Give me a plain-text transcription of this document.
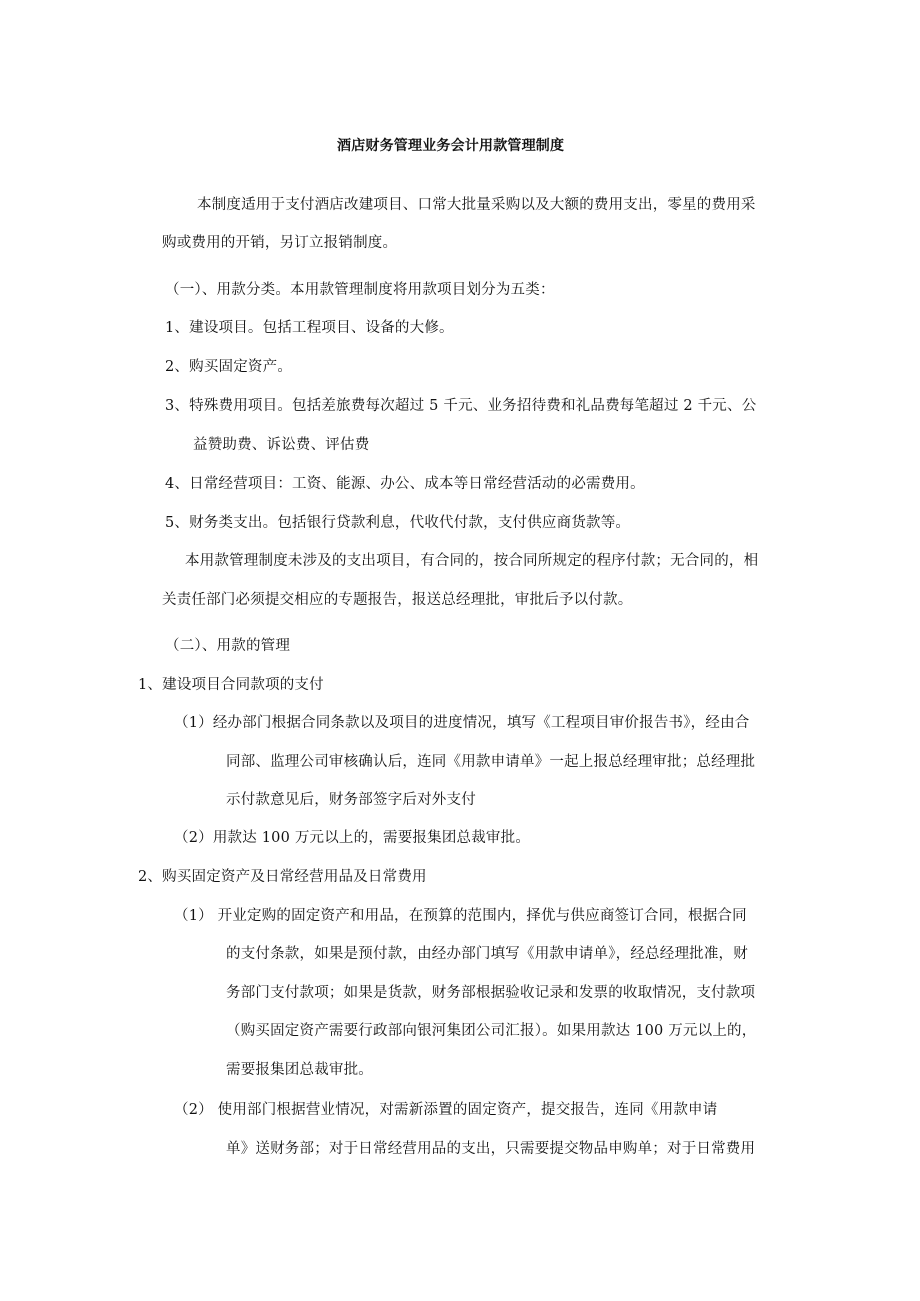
酒店财务管理业务会计用款管理制度
本制度适用于支付酒店改建项目、口常大批量采购以及大额的费用支出，零星的费用采
购或费用的开销，另订立报销制度。
（一）、用款分类。本用款管理制度将用款项目划分为五类：
1、建设项目。包括工程项目、设备的大修。
2、购买固定资产。
3、特殊费用项目。包括差旅费每次超过 5 千元、业务招待费和礼品费每笔超过 2 千元、公
益赞助费、诉讼费、评估费
4、日常经营项目：工资、能源、办公、成本等日常经营活动的必需费用。
5、财务类支出。包括银行贷款利息，代收代付款，支付供应商货款等。
本用款管理制度未涉及的支出项目，有合同的，按合同所规定的程序付款；无合同的，相
关责任部门必须提交相应的专题报告，报送总经理批，审批后予以付款。
（二）、用款的管理
1、建设项目合同款项的支付
（1）经办部门根据合同条款以及项目的进度情况，填写《工程项目审价报告书》，经由合
同部、监理公司审核确认后，连同《用款申请单》一起上报总经理审批；总经理批
示付款意见后，财务部签字后对外支付
（2）用款达 100 万元以上的，需要报集团总裁审批。
2、购买固定资产及日常经营用品及日常费用
（1） 开业定购的固定资产和用品，在预算的范围内，择优与供应商签订合同，根据合同
的支付条款，如果是预付款，由经办部门填写《用款申请单》，经总经理批准，财
务部门支付款项；如果是货款，财务部根据验收记录和发票的收取情况，支付款项
（购买固定资产需要行政部向银河集团公司汇报）。如果用款达 100 万元以上的，
需要报集团总裁审批。
（2） 使用部门根据营业情况，对需新添置的固定资产，提交报告，连同《用款申请
单》送财务部；对于日常经营用品的支出，只需要提交物品申购单；对于日常费用
